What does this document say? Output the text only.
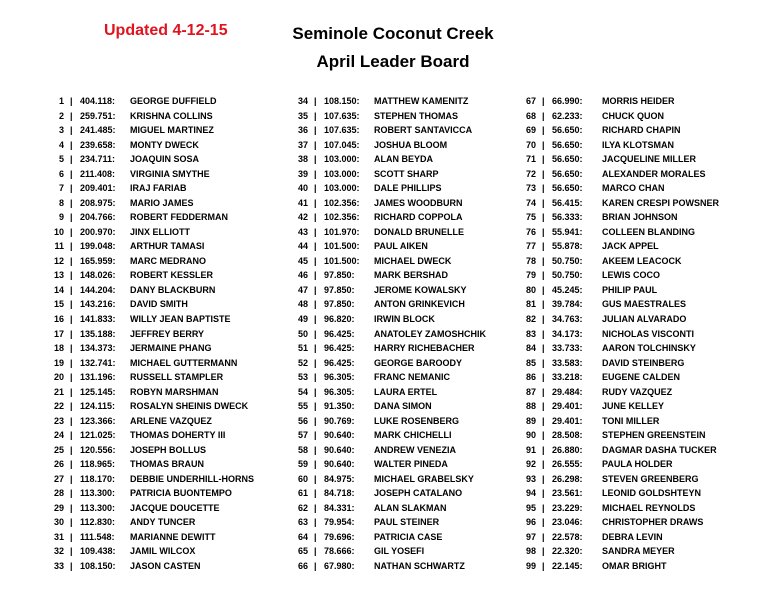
Updated 4-12-15	Seminole Coconut Creek
April Leader Board
1 | 404.118: GEORGE DUFFIELD
2 | 259.751: KRISHNA COLLINS
3 | 241.485: MIGUEL MARTINEZ
4 | 239.658: MONTY DWECK
5 | 234.711: JOAQUIN SOSA
6 | 211.408: VIRGINIA SMYTHE
7 | 209.401: IRAJ FARIAB
8 | 208.975: MARIO JAMES
9 | 204.766: ROBERT FEDDERMAN
10 | 200.970: JINX ELLIOTT
11 | 199.048: ARTHUR TAMASI
12 | 165.959: MARC MEDRANO
13 | 148.026: ROBERT KESSLER
14 | 144.204: DANY BLACKBURN
15 | 143.216: DAVID SMITH
16 | 141.833: WILLY JEAN BAPTISTE
17 | 135.188: JEFFREY BERRY
18 | 134.373: JERMAINE PHANG
19 | 132.741: MICHAEL GUTTERMANN
20 | 131.196: RUSSELL STAMPLER
21 | 125.145: ROBYN MARSHMAN
22 | 124.115: ROSALYN SHEINIS DWECK
23 | 123.366: ARLENE VAZQUEZ
24 | 121.025: THOMAS DOHERTY III
25 | 120.556: JOSEPH BOLLUS
26 | 118.965: THOMAS BRAUN
27 | 118.170: DEBBIE UNDERHILL-HORNS
28 | 113.300: PATRICIA BUONTEMPO
29 | 113.300: JACQUE DOUCETTE
30 | 112.830: ANDY TUNCER
31 | 111.548: MARIANNE DEWITT
32 | 109.438: JAMIL WILCOX
33 | 108.150: JASON CASTEN
34 | 108.150: MATTHEW KAMENITZ
35 | 107.635: STEPHEN THOMAS
36 | 107.635: ROBERT SANTAVICCA
37 | 107.045: JOSHUA BLOOM
38 | 103.000: ALAN BEYDA
39 | 103.000: SCOTT SHARP
40 | 103.000: DALE PHILLIPS
41 | 102.356: JAMES WOODBURN
42 | 102.356: RICHARD COPPOLA
43 | 101.970: DONALD BRUNELLE
44 | 101.500: PAUL AIKEN
45 | 101.500: MICHAEL DWECK
46 | 97.850: MARK BERSHAD
47 | 97.850: JEROME KOWALSKY
48 | 97.850: ANTON GRINKEVICH
49 | 96.820: IRWIN BLOCK
50 | 96.425: ANATOLEY ZAMOSHCHIK
51 | 96.425: HARRY RICHEBACHER
52 | 96.425: GEORGE BAROODY
53 | 96.305: FRANC NEMANIC
54 | 96.305: LAURA ERTEL
55 | 91.350: DANA SIMON
56 | 90.769: LUKE ROSENBERG
57 | 90.640: MARK CHICHELLI
58 | 90.640: ANDREW VENEZIA
59 | 90.640: WALTER PINEDA
60 | 84.975: MICHAEL GRABELSKY
61 | 84.718: JOSEPH CATALANO
62 | 84.331: ALAN SLAKMAN
63 | 79.954: PAUL STEINER
64 | 79.696: PATRICIA CASE
65 | 78.666: GIL YOSEFI
66 | 67.980: NATHAN SCHWARTZ
67 | 66.990: MORRIS HEIDER
68 | 62.233: CHUCK QUON
69 | 56.650: RICHARD CHAPIN
70 | 56.650: ILYA KLOTSMAN
71 | 56.650: JACQUELINE MILLER
72 | 56.650: ALEXANDER MORALES
73 | 56.650: MARCO CHAN
74 | 56.415: KAREN CRESPI POWSNER
75 | 56.333: BRIAN JOHNSON
76 | 55.941: COLLEEN BLANDING
77 | 55.878: JACK APPEL
78 | 50.750: AKEEM LEACOCK
79 | 50.750: LEWIS COCO
80 | 45.245: PHILIP PAUL
81 | 39.784: GUS MAESTRALES
82 | 34.763: JULIAN ALVARADO
83 | 34.173: NICHOLAS VISCONTI
84 | 33.733: AARON TOLCHINSKY
85 | 33.583: DAVID STEINBERG
86 | 33.218: EUGENE CALDEN
87 | 29.484: RUDY VAZQUEZ
88 | 29.401: JUNE KELLEY
89 | 29.401: TONI MILLER
90 | 28.508: STEPHEN GREENSTEIN
91 | 26.880: DAGMAR DASHA TUCKER
92 | 26.555: PAULA HOLDER
93 | 26.298: STEVEN GREENBERG
94 | 23.561: LEONID GOLDSHTEYN
95 | 23.229: MICHAEL REYNOLDS
96 | 23.046: CHRISTOPHER DRAWS
97 | 22.578: DEBRA LEVIN
98 | 22.320: SANDRA MEYER
99 | 22.145: OMAR BRIGHT
